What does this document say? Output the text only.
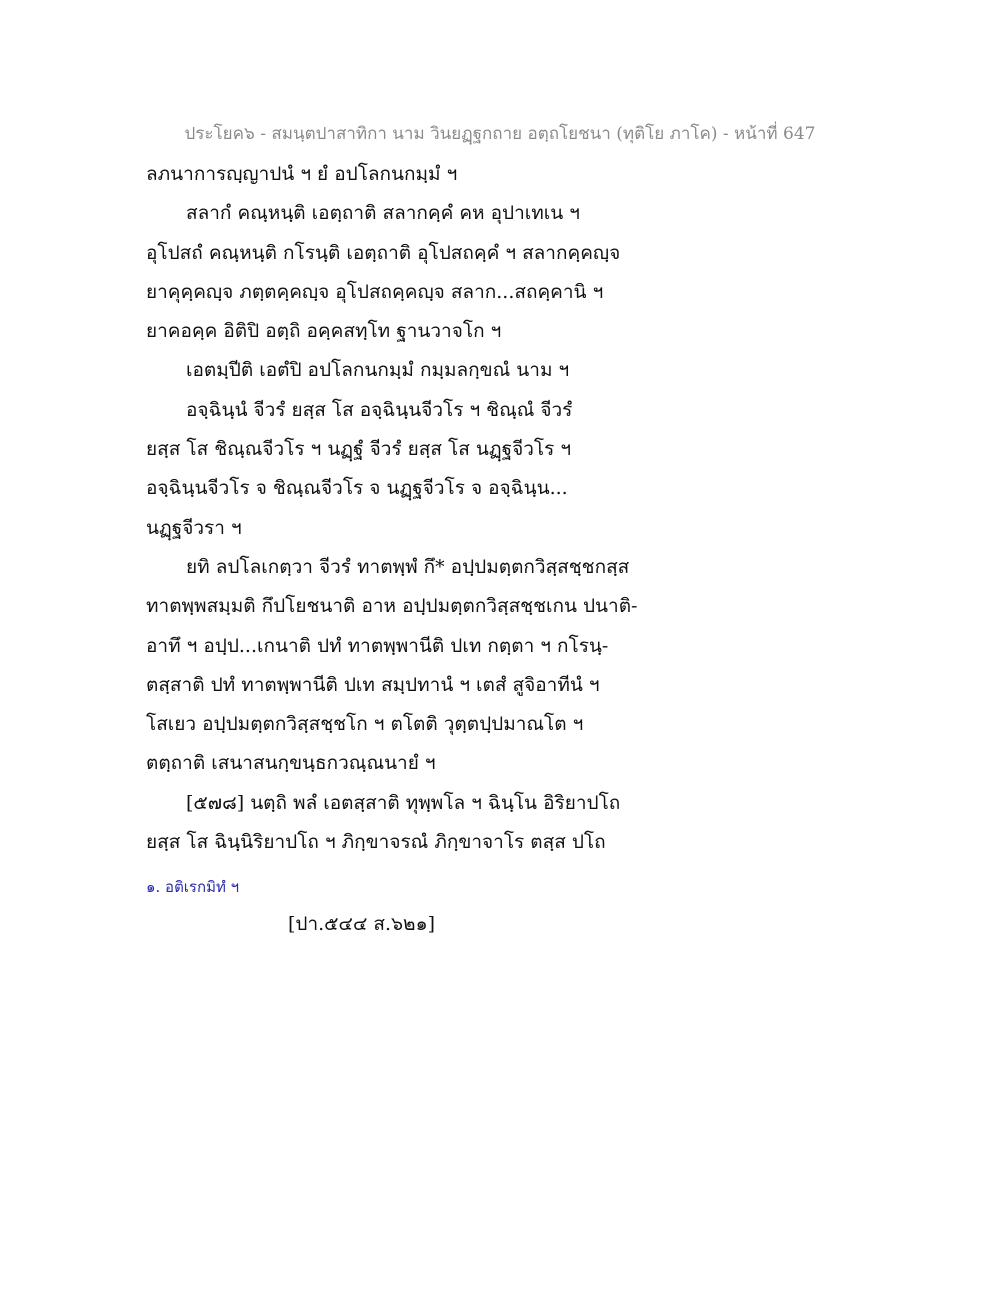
ประโยค๖ - สมนฺตปาสาทิกา นาม วินยฏฺฐกถาย อตฺถโยชนา (ทุติโย ภาโค) - หน้าที่ 647
ลภนาการญฺญาปนํ ฯ ยํ อปโลกนกมฺมํ ฯ
สลากํ คณฺหนฺติ เอตฺถาติ สลากคฺคํ คห อุปาเทเน ฯ
อุโปสถํ คณฺหนฺติ กโรนฺติ เอตฺถาติ อุโปสถคฺคํ ฯ สลากคฺคญฺจ
ยาคุคฺคญฺจ ภตฺตคฺคญฺจ อุโปสถคฺคญฺจ สลาก...สถคฺคานิ ฯ
ยาคอคฺค อิติปิ อตฺถิ อคฺคสทฺโท ฐานวาจโก ฯ
เอตมฺปีติ เอตํปิ อปโลกนกมฺมํ กมฺมลกฺขณํ นาม ฯ
อจฺฉินฺนํ จีวรํ ยสฺส โส อจฺฉินฺนจีวโร ฯ ชิณฺณํ จีวรํ
ยสฺส โส ชิณฺณจีวโร ฯ นฏฺฐํ จีวรํ ยสฺส โส นฏฺฐจีวโร ฯ
อจฺฉินฺนจีวโร จ ชิณฺณจีวโร จ นฏฺฐจีวโร จ อจฺฉินฺน...
นฏฺฐจีวรา ฯ
ยทิ ลปโลเกตฺวา จีวรํ ทาตพฺพํ กึ* อปฺปมตฺตกวิสฺสชฺชกสฺส
ทาตพฺพสมฺมติ กึปโยชนาติ อาห อปฺปมตฺตกวิสฺสชฺชเกน ปนาติ-
อาทึ ฯ อปฺป...เกนาติ ปทํ ทาตพฺพานีติ ปเท กตฺตา ฯ กโรนฺ-
ตสฺสาติ ปทํ ทาตพฺพานีติ ปเท สมฺปทานํ ฯ เตสํ สูจิอาทีนํ ฯ
โสเยว อปฺปมตฺตกวิสฺสชฺชโก ฯ ตโตติ วุตฺตปฺปมาณโต ฯ
ตตฺถาติ เสนาสนกฺขนฺธกวณฺณนายํ ฯ
[๕๗๘] นตฺถิ พลํ เอตสฺสาติ ทุพฺพโล ฯ ฉินฺโน อิริยาปโถ
ยสฺส โส ฉินฺนิริยาปโถ ฯ ภิกฺขาจรณํ ภิกฺขาจาโร ตสฺส ปโถ
๑. อติเรกมิทํ ฯ
[ปา.๕๔๔ ส.๖๒๑]
